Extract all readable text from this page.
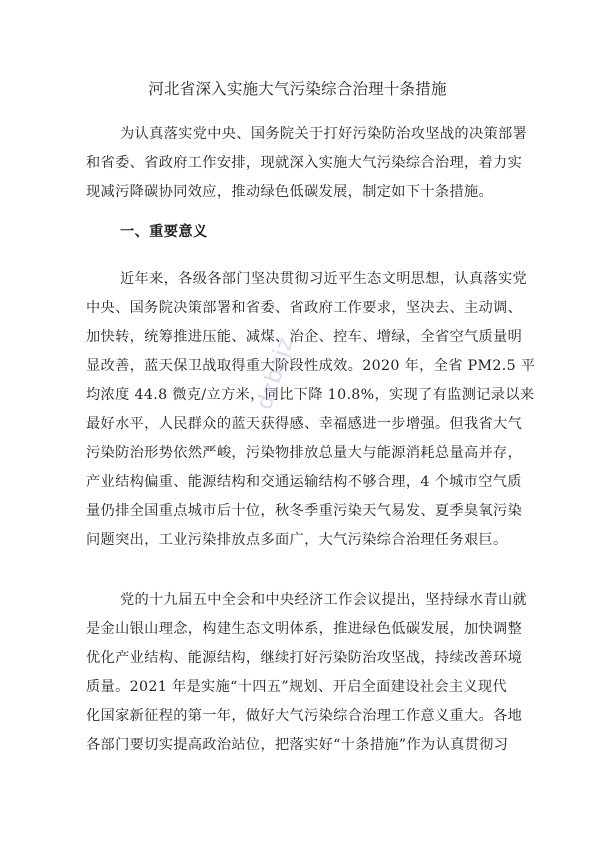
河北省深入实施大气污染综合治理十条措施
为认真落实党中央、国务院关于打好污染防治攻坚战的决策部署
和省委、省政府工作安排，现就深入实施大气污染综合治理，着力实
现减污降碳协同效应，推动绿色低碳发展，制定如下十条措施。
一、重要意义
近年来，各级各部门坚决贯彻习近平生态文明思想，认真落实党
中央、国务院决策部署和省委、省政府工作要求，坚决去、主动调、
加快转，统筹推进压能、减煤、治企、控车、增绿，全省空气质量明
显改善，蓝天保卫战取得重大阶段性成效。2020 年，全省 PM2.5 平
均浓度 44.8 微克/立方米，同比下降 10.8%，实现了有监测记录以来
最好水平，人民群众的蓝天获得感、幸福感进一步增强。但我省大气
污染防治形势依然严峻，污染物排放总量大与能源消耗总量高并存，
产业结构偏重、能源结构和交通运输结构不够合理，4 个城市空气质
量仍排全国重点城市后十位，秋冬季重污染天气易发、夏季臭氧污染
问题突出，工业污染排放点多面广，大气污染综合治理任务艰巨。
党的十九届五中全会和中央经济工作会议提出，坚持绿水青山就
是金山银山理念，构建生态文明体系，推进绿色低碳发展，加快调整
优化产业结构、能源结构，继续打好污染防治攻坚战，持续改善环境
质量。2021 年是实施“十四五”规划、开启全面建设社会主义现代
化国家新征程的第一年，做好大气污染综合治理工作意义重大。各地
各部门要切实提高政治站位，把落实好“十条措施”作为认真贯彻习
dzbzjz
